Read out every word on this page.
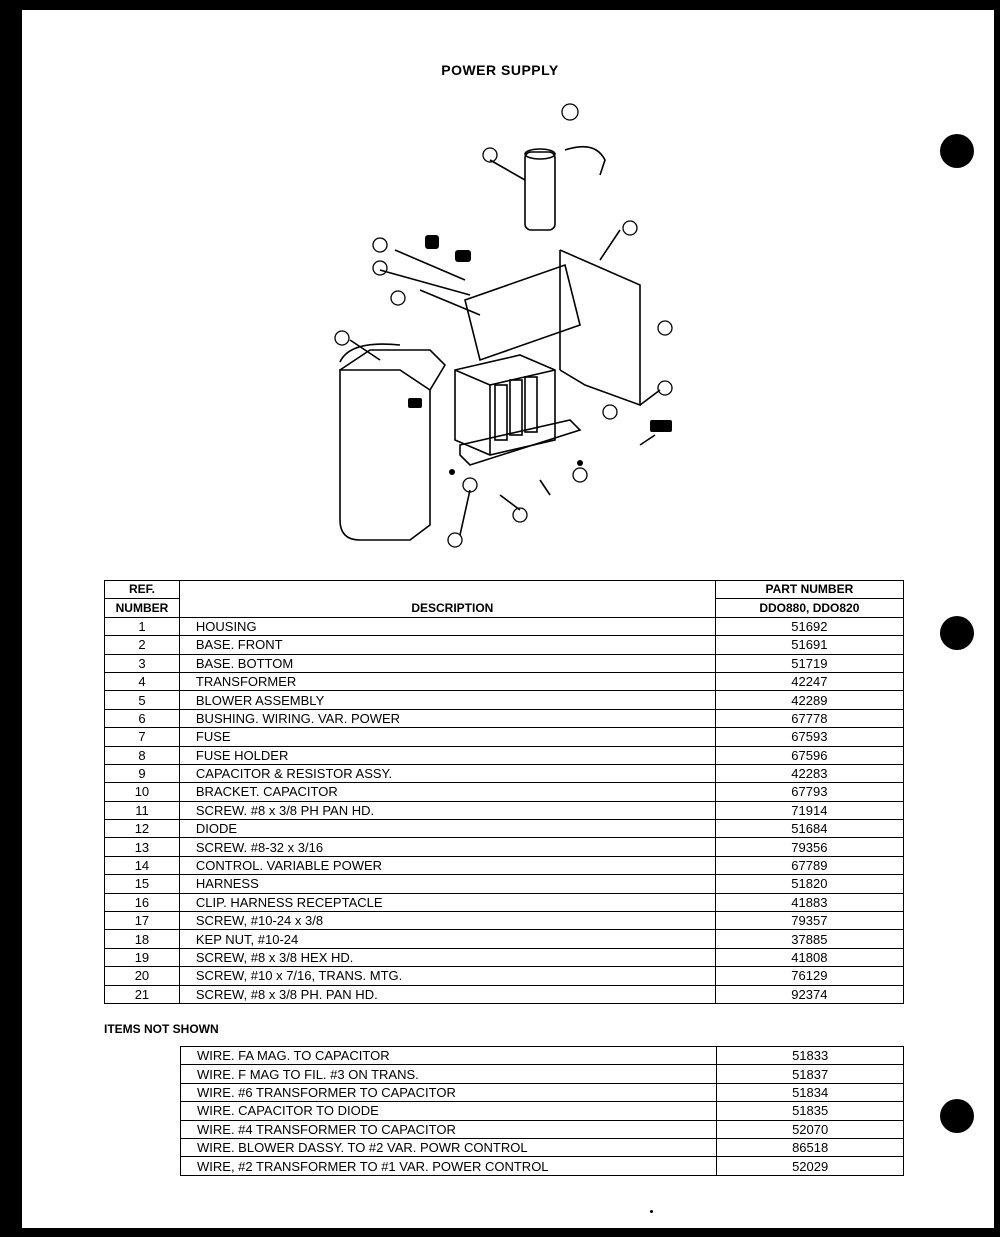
POWER SUPPLY
REF.	DESCRIPTION	PART NUMBER
NUMBER		DDO880, DDO820
1	HOUSING	51692
2	BASE. FRONT	51691
3	BASE. BOTTOM	51719
4	TRANSFORMER	42247
5	BLOWER ASSEMBLY	42289
6	BUSHING. WIRING. VAR. POWER	67778
7	FUSE	67593
8	FUSE HOLDER	67596
9	CAPACITOR & RESISTOR ASSY.	42283
10	BRACKET. CAPACITOR	67793
11	SCREW. #8 x 3/8 PH PAN HD.	71914
12	DIODE	51684
13	SCREW. #8-32 x 3/16	79356
14	CONTROL. VARIABLE POWER	67789
15	HARNESS	51820
16	CLIP. HARNESS RECEPTACLE	41883
17	SCREW, #10-24 x 3/8	79357
18	KEP NUT, #10-24	37885
19	SCREW, #8 x 3/8 HEX HD.	41808
20	SCREW, #10 x 7/16, TRANS. MTG.	76129
21	SCREW, #8 x 3/8 PH. PAN HD.	92374
ITEMS NOT SHOWN
WIRE. FA MAG. TO CAPACITOR	51833
WIRE. F MAG TO FIL. #3 ON TRANS.	51837
WIRE. #6 TRANSFORMER TO CAPACITOR	51834
WIRE. CAPACITOR TO DIODE	51835
WIRE. #4 TRANSFORMER TO CAPACITOR	52070
WIRE. BLOWER DASSY. TO #2 VAR. POWR CONTROL	86518
WIRE, #2 TRANSFORMER TO #1 VAR. POWER CONTROL	52029
